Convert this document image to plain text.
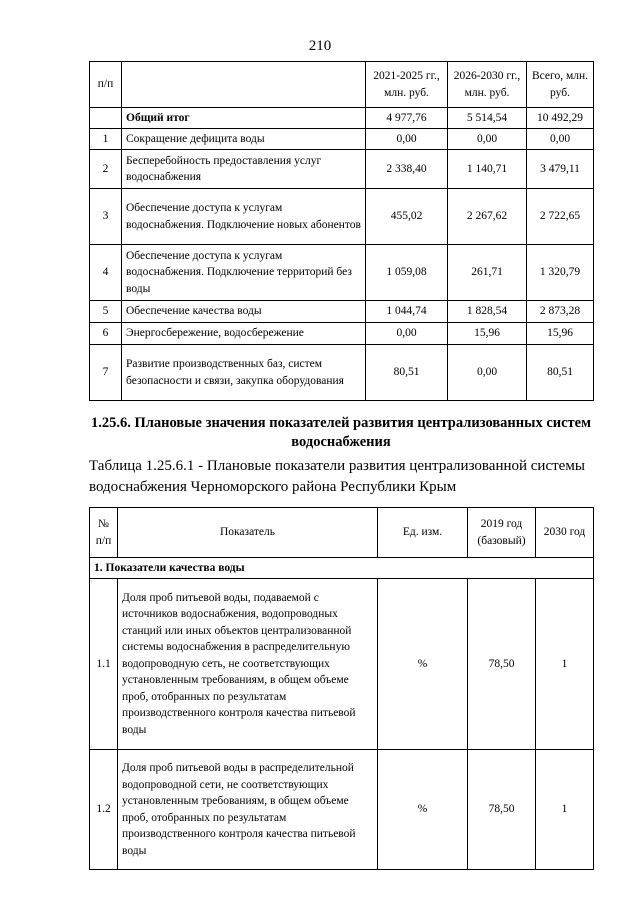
210
п/п		2021-2025 гг., млн. руб.	2026-2030 гг., млн. руб.	Всего, млн. руб.
	Общий итог	4 977,76	5 514,54	10 492,29
1	Сокращение дефицита воды	0,00	0,00	0,00
2	Бесперебойность предоставления услуг водоснабжения	2 338,40	1 140,71	3 479,11
3	Обеспечение доступа к услугам водоснабжения. Подключение новых абонентов	455,02	2 267,62	2 722,65
4	Обеспечение доступа к услугам водоснабжения. Подключение территорий без воды	1 059,08	261,71	1 320,79
5	Обеспечение качества воды	1 044,74	1 828,54	2 873,28
6	Энергосбережение, водосбережение	0,00	15,96	15,96
7	Развитие производственных баз, систем безопасности и связи, закупка оборудования	80,51	0,00	80,51
1.25.6. Плановые значения показателей развития централизованных систем водоснабжения
Таблица 1.25.6.1 - Плановые показатели развития централизованной системы водоснабжения Черноморского района Республики Крым
№ п/п	Показатель	Ед. изм.	2019 год (базовый)	2030 год
1. Показатели качества воды				
1.1	Доля проб питьевой воды, подаваемой с источников водоснабжения, водопроводных станций или иных объектов централизованной системы водоснабжения в распределительную водопроводную сеть, не соответствующих установленным требованиям, в общем объеме проб, отобранных по результатам производственного контроля качества питьевой воды	%	78,50	1
1.2	Доля проб питьевой воды в распределительной водопроводной сети, не соответствующих установленным требованиям, в общем объеме проб, отобранных по результатам производственного контроля качества питьевой воды	%	78,50	1
